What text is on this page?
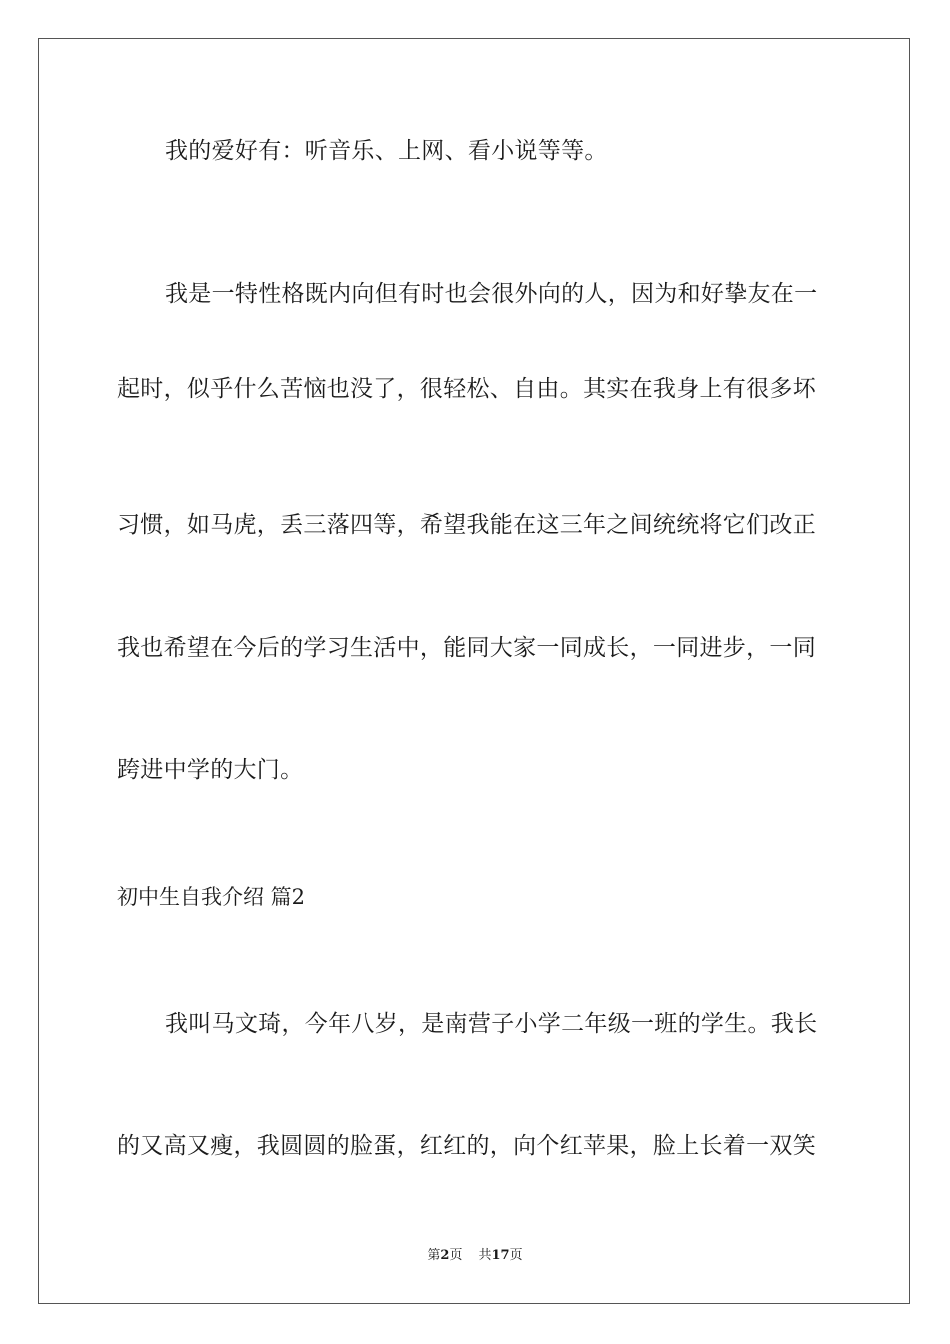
我的爱好有：听音乐、上网、看小说等等。
我是一特性格既内向但有时也会很外向的人，因为和好挚友在一
起时，似乎什么苦恼也没了，很轻松、自由。其实在我身上有很多坏
习惯，如马虎，丢三落四等，希望我能在这三年之间统统将它们改正
我也希望在今后的学习生活中，能同大家一同成长，一同进步，一同
跨进中学的大门。
初中生自我介绍 篇2
我叫马文琦，今年八岁，是南营子小学二年级一班的学生。我长
的又高又瘦，我圆圆的脸蛋，红红的，向个红苹果，脸上长着一双笑
第2页 共17页
